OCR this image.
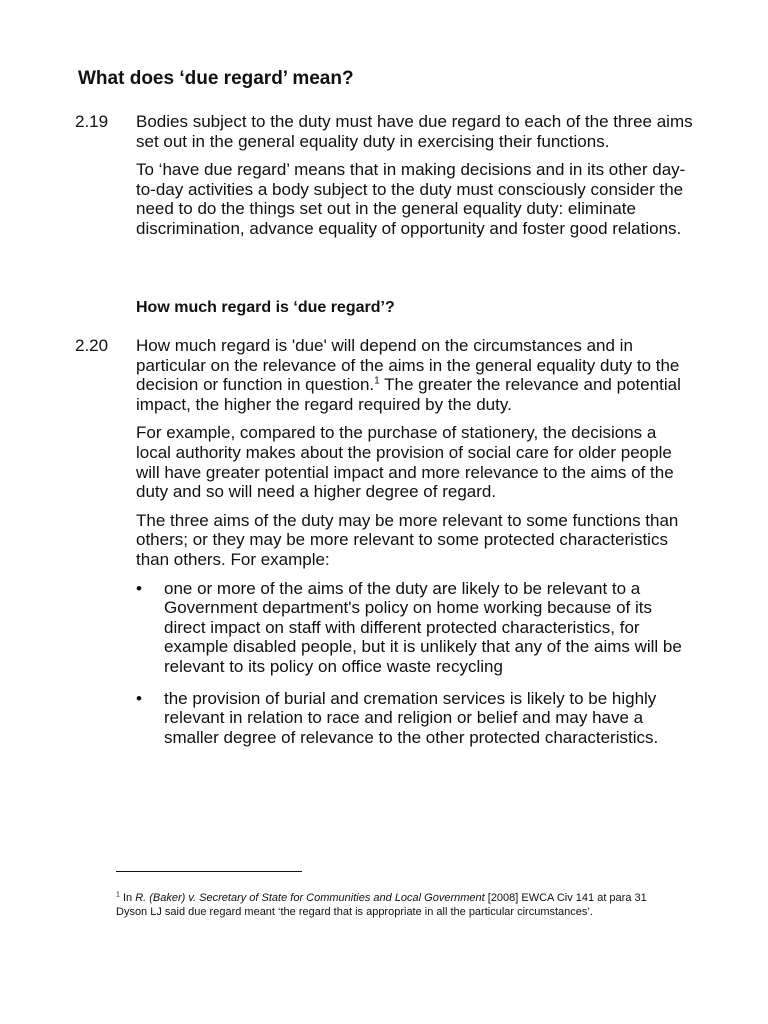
What does ‘due regard’ mean?
2.19 Bodies subject to the duty must have due regard to each of the three aims set out in the general equality duty in exercising their functions.

To ‘have due regard’ means that in making decisions and in its other day-to-day activities a body subject to the duty must consciously consider the need to do the things set out in the general equality duty: eliminate discrimination, advance equality of opportunity and foster good relations.

How much regard is ‘due regard’?
2.20 How much regard is 'due' will depend on the circumstances and in particular on the relevance of the aims in the general equality duty to the decision or function in question.$^1$ The greater the relevance and potential impact, the higher the regard required by the duty.

For example, compared to the purchase of stationery, the decisions a local authority makes about the provision of social care for older people will have greater potential impact and more relevance to the aims of the duty and so will need a higher degree of regard.

The three aims of the duty may be more relevant to some functions than others; or they may be more relevant to some protected characteristics than others. For example:

• one or more of the aims of the duty are likely to be relevant to a Government department's policy on home working because of its direct impact on staff with different protected characteristics, for example disabled people, but it is unlikely that any of the aims will be relevant to its policy on office waste recycling
• the provision of burial and cremation services is likely to be highly relevant in relation to race and religion or belief and may have a smaller degree of relevance to the other protected characteristics.
$^1$ In R. (Baker) v. Secretary of State for Communities and Local Government [2008] EWCA Civ 141 at para 31 Dyson LJ said due regard meant ‘the regard that is appropriate in all the particular circumstances’.
